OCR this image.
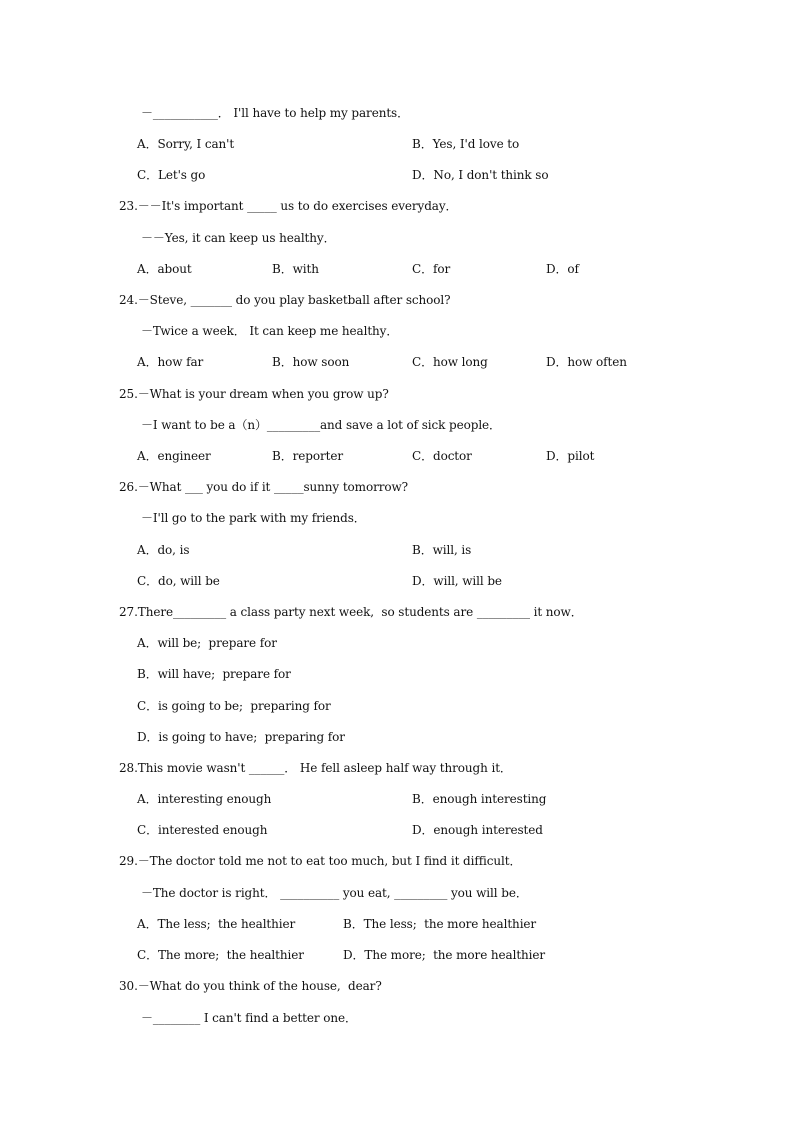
－___________． I'll have to help my parents．
A．Sorry, I can't	B．Yes, I'd love to
C．Let's go	D．No, I don't think so
23.－－It's important _____ us to do exercises everyday．
－－Yes, it can keep us healthy．
A．about	B．with	C．for	D．of
24.－Steve, _______ do you play basketball after school?
－Twice a week． It can keep me healthy．
A．how far	B．how soon	C．how long	D．how often
25.－What is your dream when you grow up?
－I want to be a（n）_________and save a lot of sick people．
A．engineer	B．reporter	C．doctor	D．pilot
26.－What ___ you do if it _____sunny tomorrow?
－I'll go to the park with my friends．
A．do, is	B．will, is
C．do, will be	D．will, will be
27.There_________ a class party next week,  so students are _________ it now．
A．will be;  prepare for
B．will have;  prepare for
C．is going to be;  preparing for
D．is going to have;  preparing for
28.This movie wasn't ______． He fell asleep half way through it．
A．interesting enough	B．enough interesting
C．interested enough	D．enough interested
29.－The doctor told me not to eat too much, but I find it difficult．
－The doctor is right． __________ you eat, _________ you will be．
A．The less;  the healthier	B．The less;  the more healthier
C．The more;  the healthier	D．The more;  the more healthier
30.－What do you think of the house,  dear?
－________ I can't find a better one．
